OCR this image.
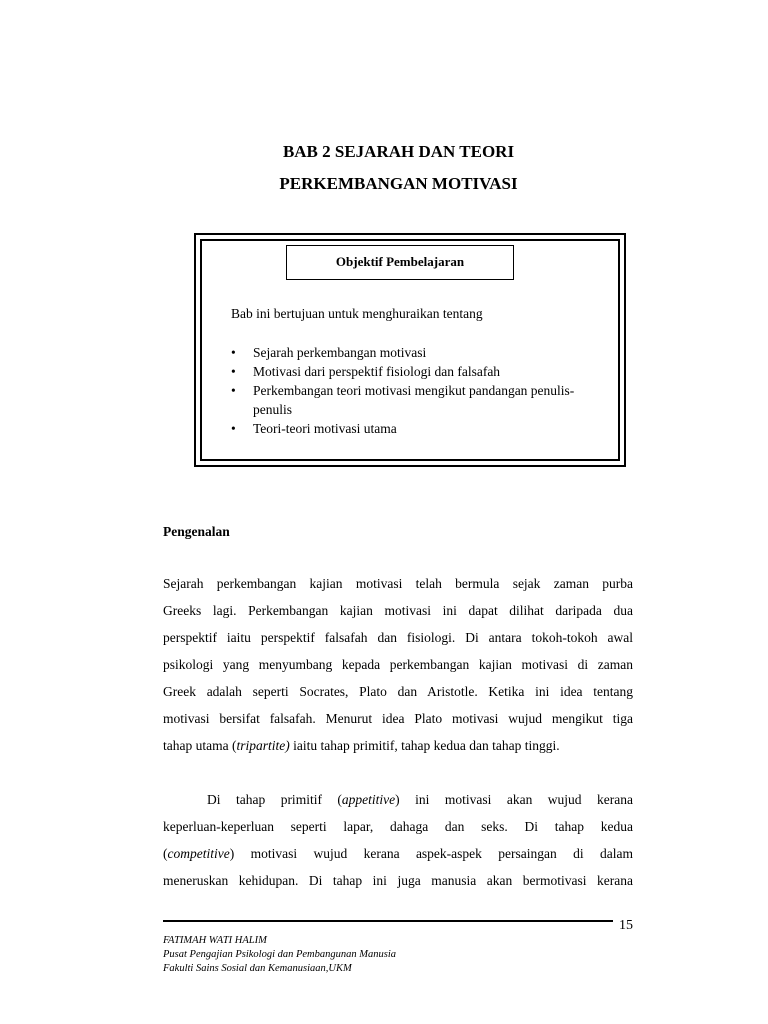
BAB 2 SEJARAH DAN TEORI
PERKEMBANGAN MOTIVASI
Objektif Pembelajaran
Bab ini bertujuan untuk menghuraikan tentang
• Sejarah perkembangan motivasi
• Motivasi dari perspektif fisiologi dan falsafah
• Perkembangan teori motivasi mengikut pandangan penulis-penulis
• Teori-teori motivasi utama
Pengenalan
Sejarah perkembangan kajian motivasi telah bermula sejak zaman purba
Greeks lagi. Perkembangan kajian motivasi ini dapat dilihat daripada dua
perspektif iaitu perspektif falsafah dan fisiologi. Di antara tokoh-tokoh awal
psikologi yang menyumbang kepada perkembangan kajian motivasi di zaman
Greek adalah seperti Socrates, Plato dan Aristotle. Ketika ini idea tentang
motivasi bersifat falsafah. Menurut idea Plato motivasi wujud mengikut tiga
tahap utama (tripartite) iaitu tahap primitif, tahap kedua dan tahap tinggi.
Di tahap primitif (appetitive) ini motivasi akan wujud kerana
keperluan-keperluan seperti lapar, dahaga dan seks. Di tahap kedua
(competitive) motivasi wujud kerana aspek-aspek persaingan di dalam
meneruskan kehidupan. Di tahap ini juga manusia akan bermotivasi kerana
15
FATIMAH WATI HALIM
Pusat Pengajian Psikologi dan Pembangunan Manusia
Fakulti Sains Sosial dan Kemanusiaan,UKM
